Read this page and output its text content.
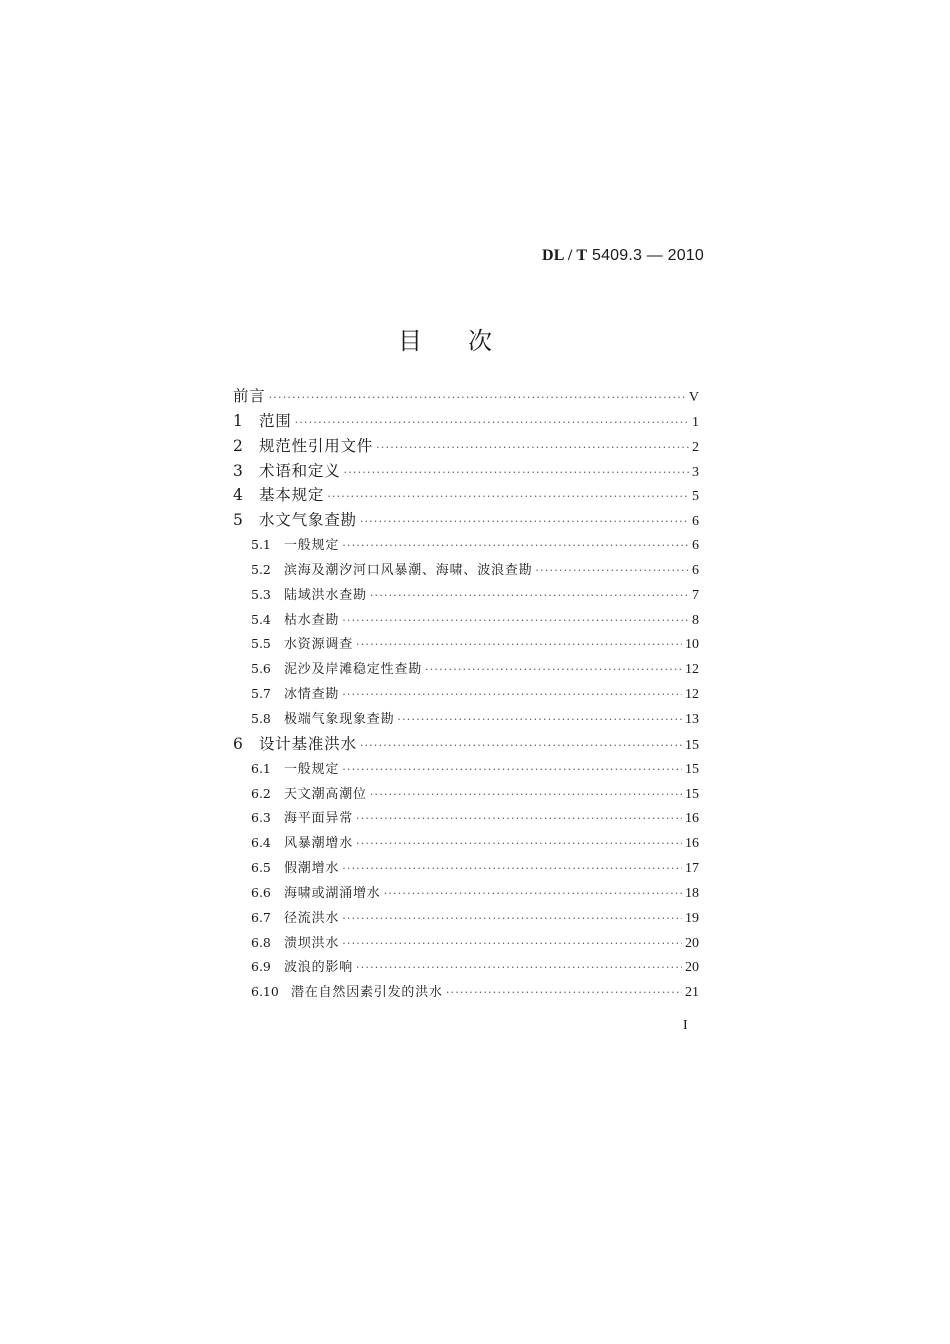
DL / T 5409.3 — 2010
目次
前言 ·····	V
1	范围 ·····	1
2	规范性引用文件 ·····	2
3	术语和定义 ·····	3
4	基本规定 ·····	5
5	水文气象查勘 ·····	6
5.1	一般规定 ·····	6
5.2	滨海及潮汐河口风暴潮、海啸、波浪查勘 ·····	6
5.3	陆域洪水查勘 ·····	7
5.4	枯水查勘 ·····	8
5.5	水资源调查 ·····	10
5.6	泥沙及岸滩稳定性查勘 ·····	12
5.7	冰情查勘 ·····	12
5.8	极端气象现象查勘 ·····	13
6	设计基准洪水 ·····	15
6.1	一般规定 ·····	15
6.2	天文潮高潮位 ·····	15
6.3	海平面异常 ·····	16
6.4	风暴潮增水 ·····	16
6.5	假潮增水 ·····	17
6.6	海啸或湖涌增水 ·····	18
6.7	径流洪水 ·····	19
6.8	溃坝洪水 ·····	20
6.9	波浪的影响 ·····	20
6.10 潜在自然因素引发的洪水 ·····	21
I
